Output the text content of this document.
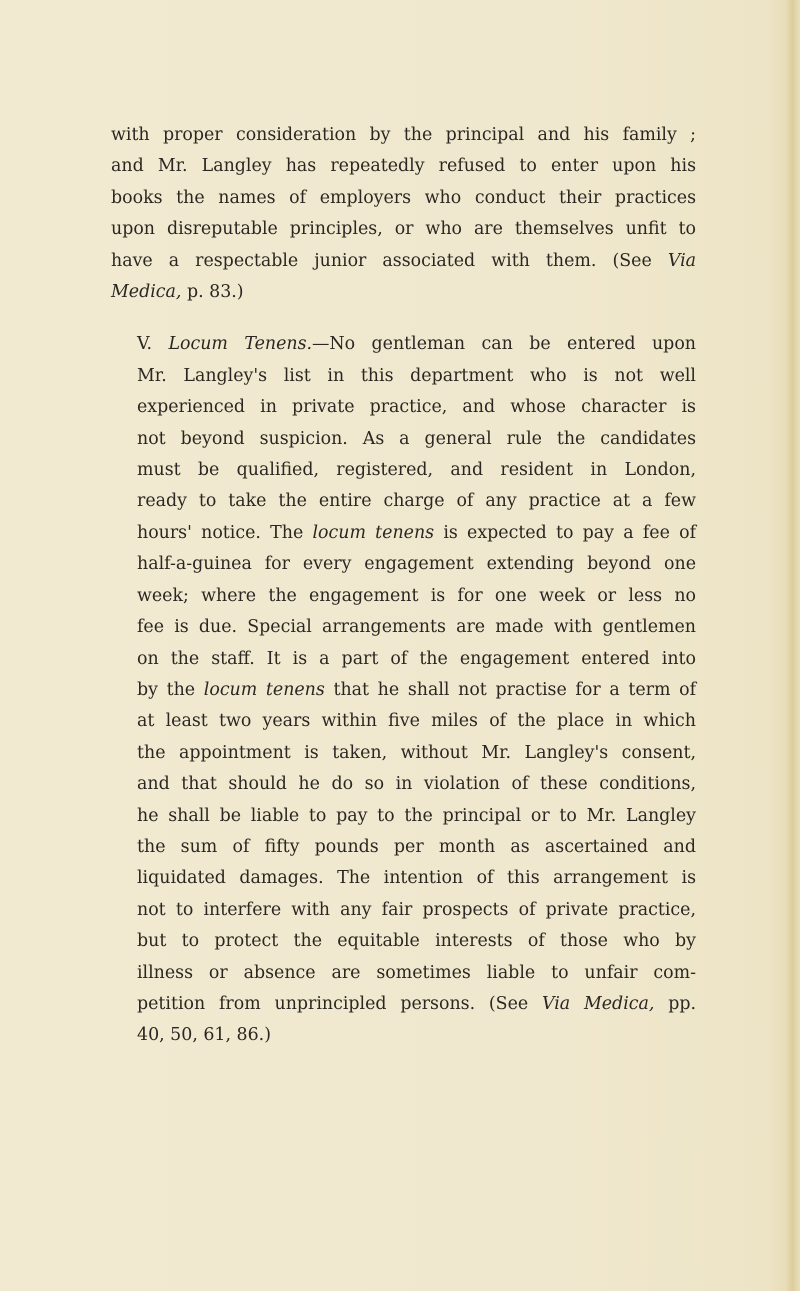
with proper consideration by the principal and his family ;
and Mr. Langley has repeatedly refused to enter upon his
books the names of employers who conduct their practices
upon disreputable principles, or who are themselves unfit to
have a respectable junior associated with them. (See Via
Medica, p. 83.)

V. Locum Tenens.—No gentleman can be entered upon
Mr. Langley's list in this department who is not well
experienced in private practice, and whose character is
not beyond suspicion. As a general rule the candidates
must be qualified, registered, and resident in London,
ready to take the entire charge of any practice at a few
hours' notice. The locum tenens is expected to pay a fee of
half-a-guinea for every engagement extending beyond one
week; where the engagement is for one week or less no
fee is due. Special arrangements are made with gentlemen
on the staff. It is a part of the engagement entered into
by the locum tenens that he shall not practise for a term of
at least two years within five miles of the place in which
the appointment is taken, without Mr. Langley's consent,
and that should he do so in violation of these conditions,
he shall be liable to pay to the principal or to Mr. Langley
the sum of fifty pounds per month as ascertained and
liquidated damages. The intention of this arrangement is
not to interfere with any fair prospects of private practice,
but to protect the equitable interests of those who by
illness or absence are sometimes liable to unfair com-
petition from unprincipled persons. (See Via Medica, pp.
40, 50, 61, 86.)
